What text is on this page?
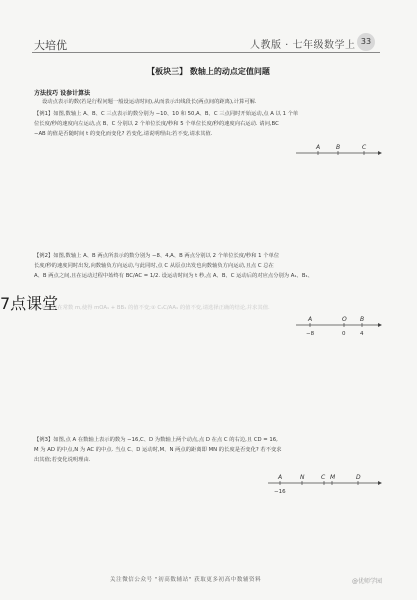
大培优	人教版 · 七年级数学上 33
【板块三】 数轴上的动点定值问题
方法技巧 设参计算法
设动点表示的数(若是行程问题一般设运动时间),从而表示出线段长(两点间的距离),计算可解.
【例1】如图,数轴上 A、B、C 三点表示的数分别为 −10、10 和 50,A、B、C 三点同时开始运动,点 A 以 1 个单
位长度/秒的速度向左运动,点 B、C 分别以 2 个单位长度/秒和 5 个单位长度/秒的速度向右运动. 请问,BC
−AB 的值是否随时间 t 的变化而变化? 若变化,请说明理由;若不变,请求其值.
A	B	C
【例2】如图,数轴上 A、B 两点所表示的数分别为 −8、4,A、B 两点分别以 2 个单位长度/秒和 1 个单位
长度/秒的速度同时出发,向数轴负方向运动,与此同时,点 C 从原点出发也向数轴负方向运动,且点 C 总在
A、B 两点之间,且在运动过程中始终有 BC/AC = 1/2. 设运动时间为 t 秒,点 A、B、C 运动后的对应点分别为 A₁、B₁、
C₁,是否存在常数 m,使得 mOA₁ + BB₁ 的值不变;② C₁C/AA₁ 的值不变,请选择正确的结论,并求其值.
A	O B
−8	0	4
7点课堂
【例3】如图,点 A 在数轴上表示的数为 −16,C、D 为数轴上两个动点,点 D 在点 C 的右边,且 CD = 16,
M 为 AD 的中点,N 为 AC 的中点. 当点 C、D 运动时,M、N 两点的距离即 MN 的长度是否变化? 若不变求
出其值;若变化说明理由.
A	N	C M	D
−16
关注微信公众号 "初高数辅站" 获取更多初高中数辅资料	@优师学园
